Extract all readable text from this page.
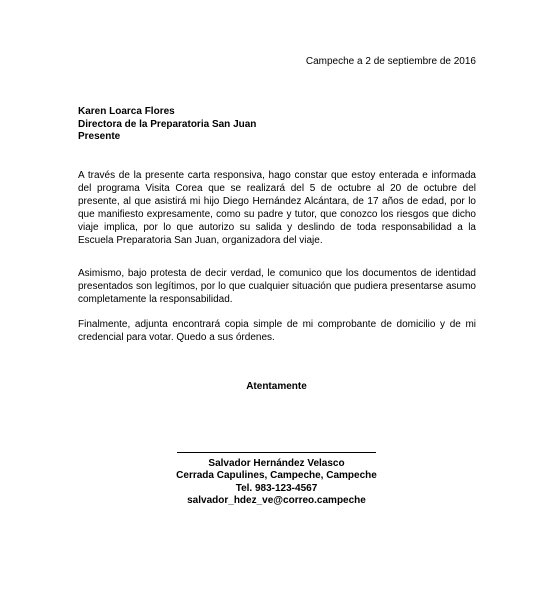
Campeche a 2 de septiembre de 2016
Karen Loarca Flores
Directora de la Preparatoria San Juan
Presente

A través de la presente carta responsiva, hago constar que estoy enterada e informada del programa Visita Corea que se realizará del 5 de octubre al 20 de octubre del presente, al que asistirá mi hijo Diego Hernández Alcántara, de 17 años de edad, por lo que manifiesto expresamente, como su padre y tutor, que conozco los riesgos que dicho viaje implica, por lo que autorizo su salida y deslindo de toda responsabilidad a la Escuela Preparatoria San Juan, organizadora del viaje.

Asimismo, bajo protesta de decir verdad, le comunico que los documentos de identidad presentados son legítimos, por lo que cualquier situación que pudiera presentarse asumo completamente la responsabilidad.

Finalmente, adjunta encontrará copia simple de mi comprobante de domicilio y de mi credencial para votar. Quedo a sus órdenes.

Atentamente
Salvador Hernández Velasco
Cerrada Capulines, Campeche, Campeche
Tel. 983-123-4567
salvador_hdez_ve@correo.campeche
